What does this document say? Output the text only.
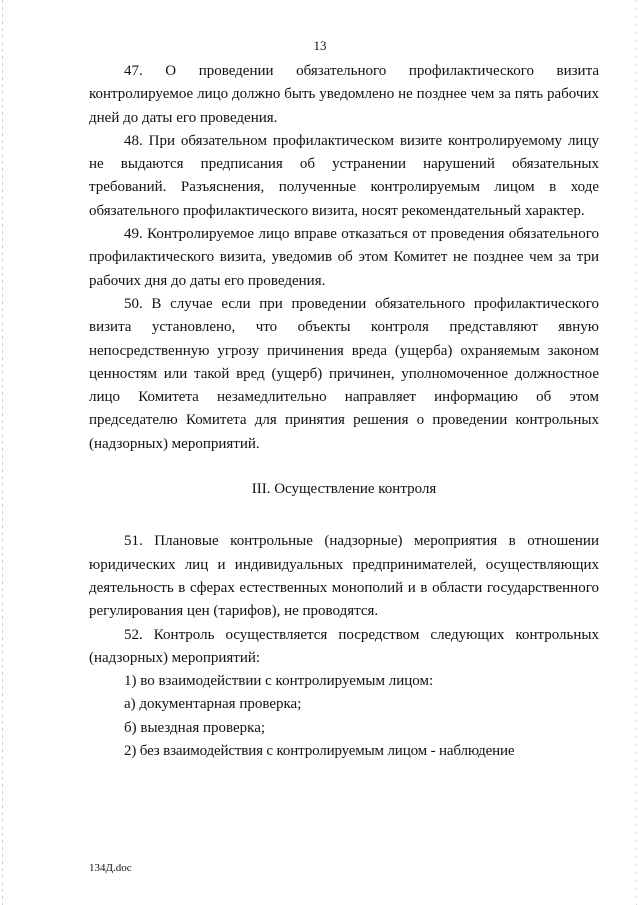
13

47. О проведении обязательного профилактического визита контролируемое лицо должно быть уведомлено не позднее чем за пять рабочих дней до даты его проведения.

48. При обязательном профилактическом визите контролируемому лицу не выдаются предписания об устранении нарушений обязательных требований. Разъяснения, полученные контролируемым лицом в ходе обязательного профилактического визита, носят рекомендательный характер.

49. Контролируемое лицо вправе отказаться от проведения обязательного профилактического визита, уведомив об этом Комитет не позднее чем за три рабочих дня до даты его проведения.

50. В случае если при проведении обязательного профилактического визита установлено, что объекты контроля представляют явную непосредственную угрозу причинения вреда (ущерба) охраняемым законом ценностям или такой вред (ущерб) причинен, уполномоченное должностное лицо Комитета незамедлительно направляет информацию об этом председателю Комитета для принятия решения о проведении контрольных (надзорных) мероприятий.

III. Осуществление контроля

51. Плановые контрольные (надзорные) мероприятия в отношении юридических лиц и индивидуальных предпринимателей, осуществляющих деятельность в сферах естественных монополий и в области государственного регулирования цен (тарифов), не проводятся.

52. Контроль осуществляется посредством следующих контрольных (надзорных) мероприятий:

1) во взаимодействии с контролируемым лицом:

а) документарная проверка;

б) выездная проверка;

2) без взаимодействия с контролируемым лицом - наблюдение

134Д.doc
